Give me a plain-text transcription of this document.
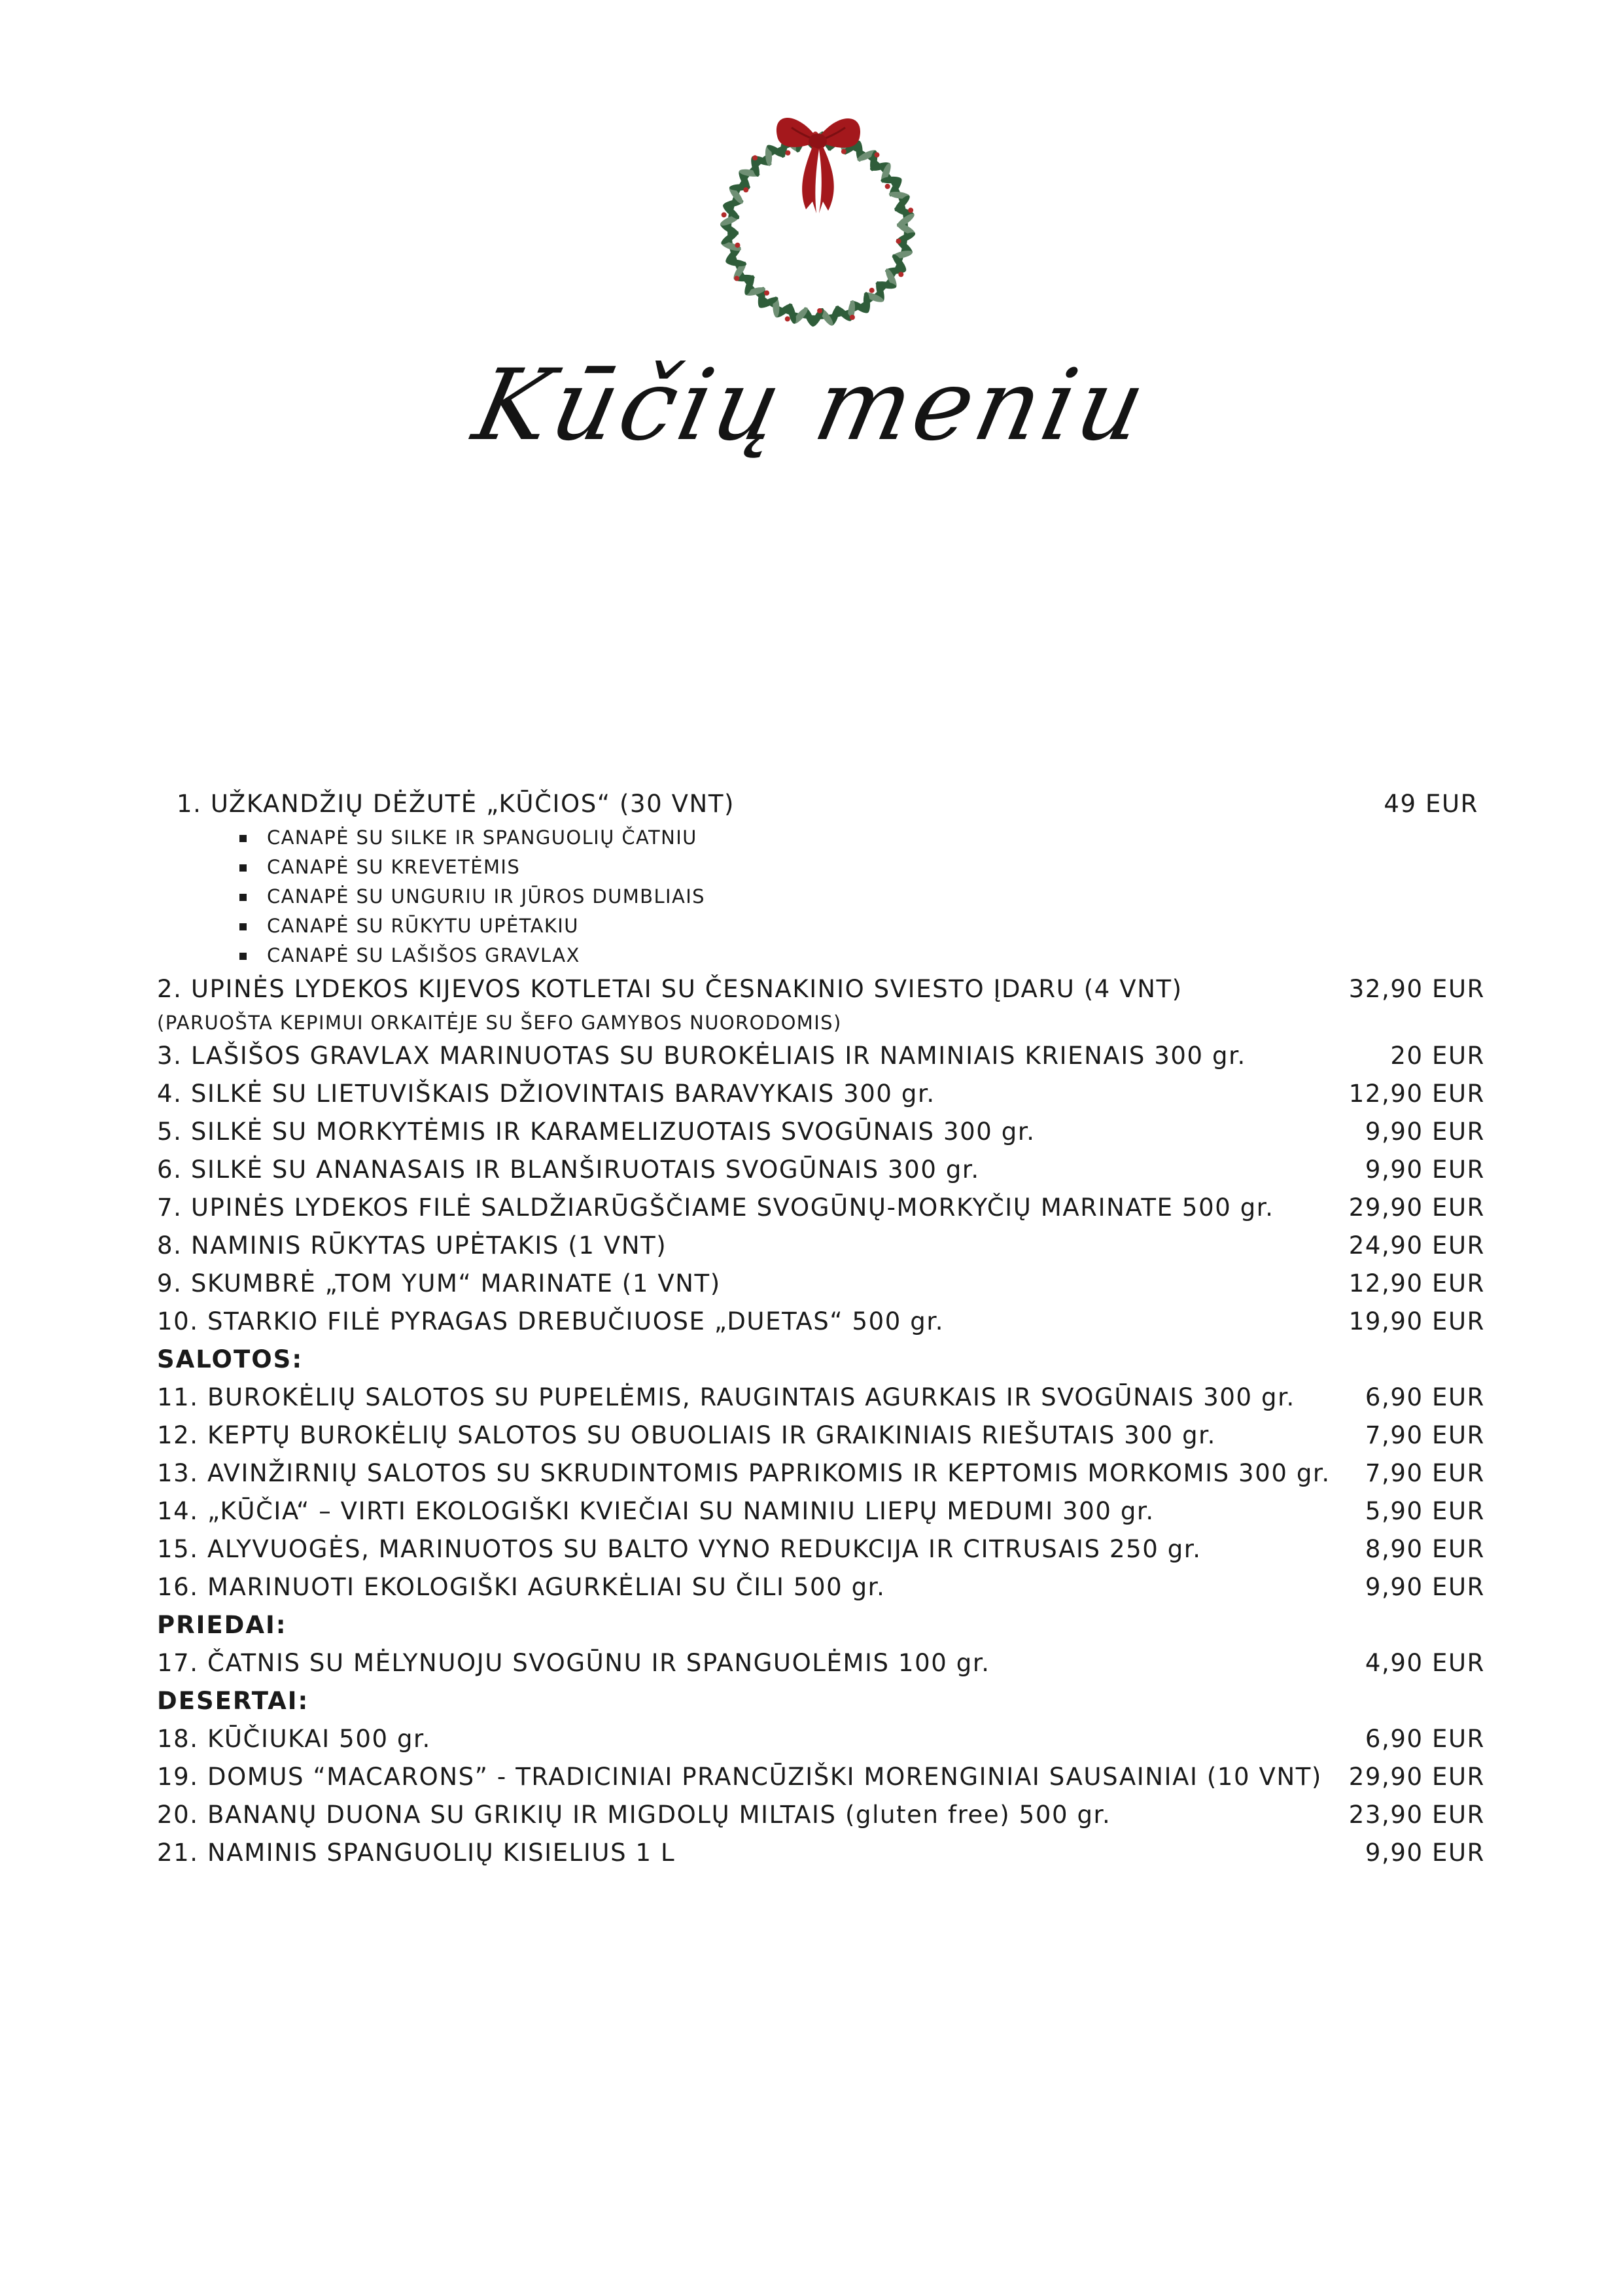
Kūčių meniu
1. UŽKANDŽIŲ DĖŽUTĖ „KŪČIOS“ (30 VNT)	49 EUR
CANAPĖ SU SILKE IR SPANGUOLIŲ ČATNIU
CANAPĖ SU KREVETĖMIS
CANAPĖ SU UNGURIU IR JŪROS DUMBLIAIS
CANAPĖ SU RŪKYTU UPĖTAKIU
CANAPĖ SU LAŠIŠOS GRAVLAX
2. UPINĖS LYDEKOS KIJEVOS KOTLETAI SU ČESNAKINIO SVIESTO ĮDARU (4 VNT)	32,90 EUR
(PARUOŠTA KEPIMUI ORKAITĖJE SU ŠEFO GAMYBOS NUORODOMIS)
3. LAŠIŠOS GRAVLAX MARINUOTAS SU BUROKĖLIAIS IR NAMINIAIS KRIENAIS 300 gr.	20 EUR
4. SILKĖ SU LIETUVIŠKAIS DŽIOVINTAIS BARAVYKAIS 300 gr.	12,90 EUR
5. SILKĖ SU MORKYTĖMIS IR KARAMELIZUOTAIS SVOGŪNAIS 300 gr.	9,90 EUR
6. SILKĖ SU ANANASAIS IR BLANŠIRUOTAIS SVOGŪNAIS 300 gr.	9,90 EUR
7. UPINĖS LYDEKOS FILĖ SALDŽIARŪGŠČIAME SVOGŪNŲ-MORKYČIŲ MARINATE 500 gr.	29,90 EUR
8. NAMINIS RŪKYTAS UPĖTAKIS (1 VNT)	24,90 EUR
9. SKUMBRĖ „TOM YUM“ MARINATE (1 VNT)	12,90 EUR
10. STARKIO FILĖ PYRAGAS DREBUČIUOSE „DUETAS“ 500 gr.	19,90 EUR
SALOTOS:
11. BUROKĖLIŲ SALOTOS SU PUPELĖMIS, RAUGINTAIS AGURKAIS IR SVOGŪNAIS 300 gr.	6,90 EUR
12. KEPTŲ BUROKĖLIŲ SALOTOS SU OBUOLIAIS IR GRAIKINIAIS RIEŠUTAIS 300 gr.	7,90 EUR
13. AVINŽIRNIŲ SALOTOS SU SKRUDINTOMIS PAPRIKOMIS IR KEPTOMIS MORKOMIS 300 gr. 7,90 EUR
14. „KŪČIA“ – VIRTI EKOLOGIŠKI KVIEČIAI SU NAMINIU LIEPŲ MEDUMI 300 gr.	5,90 EUR
15. ALYVUOGĖS, MARINUOTOS SU BALTO VYNO REDUKCIJA IR CITRUSAIS 250 gr.	8,90 EUR
16. MARINUOTI EKOLOGIŠKI AGURKĖLIAI SU ČILI 500 gr.	9,90 EUR
PRIEDAI:
17. ČATNIS SU MĖLYNUOJU SVOGŪNU IR SPANGUOLĖMIS 100 gr.	4,90 EUR
DESERTAI:
18. KŪČIUKAI 500 gr.	6,90 EUR
19. DOMUS “MACARONS” - TRADICINIAI PRANCŪZIŠKI MORENGINIAI SAUSAINIAI (10 VNT) 29,90 EUR
20. BANANŲ DUONA SU GRIKIŲ IR MIGDOLŲ MILTAIS (gluten free) 500 gr.	23,90 EUR
21. NAMINIS SPANGUOLIŲ KISIELIUS 1 L	9,90 EUR
